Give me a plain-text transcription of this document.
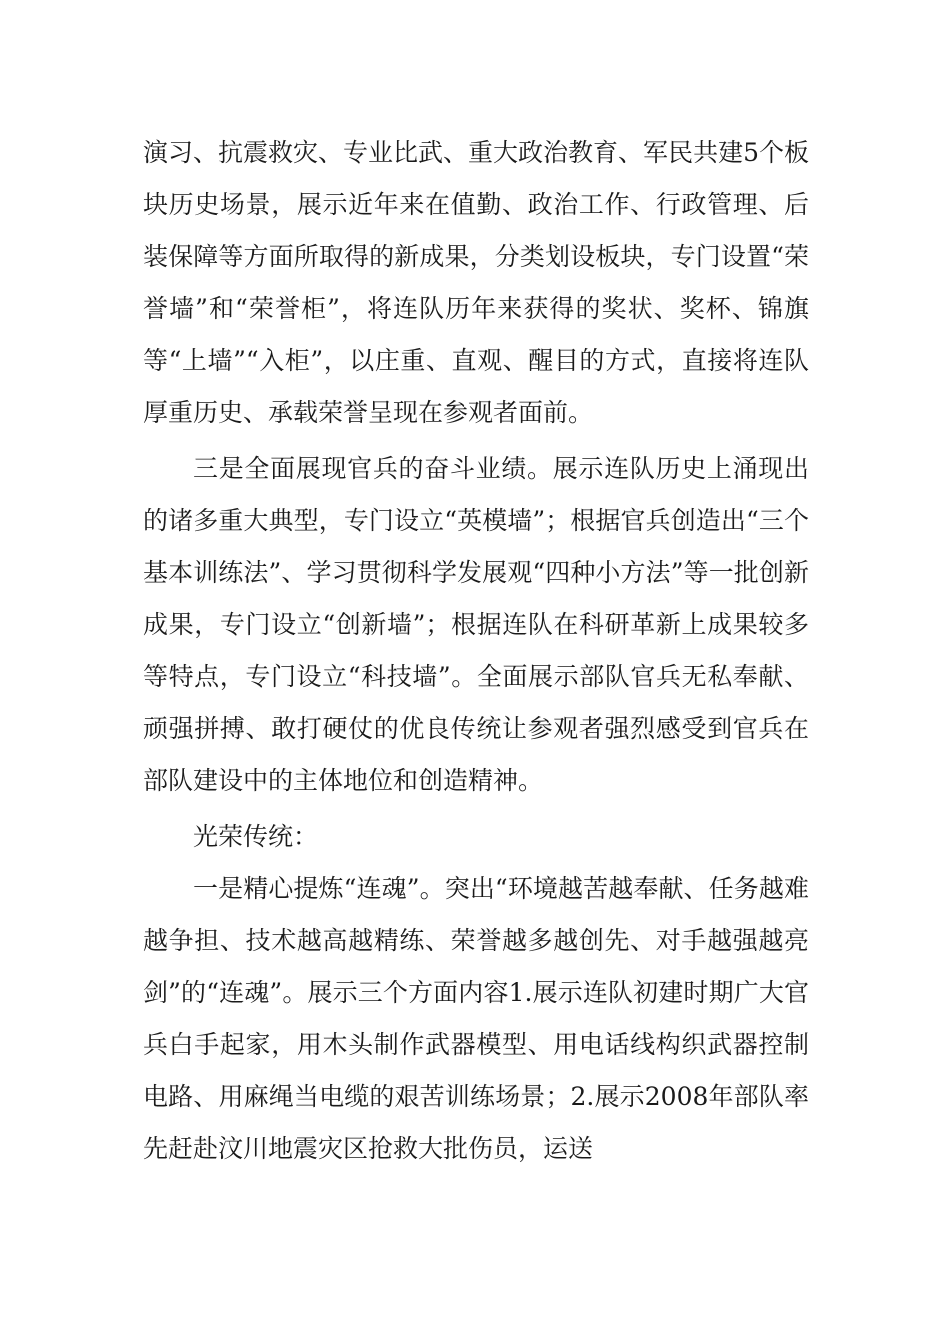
演习、抗震救灾、专业比武、重大政治教育、军民共建5个板块历史场景，展示近年来在值勤、政治工作、行政管理、后装保障等方面所取得的新成果，分类划设板块，专门设置“荣誉墙”和“荣誉柜”，将连队历年来获得的奖状、奖杯、锦旗等“上墙”“入柜”，以庄重、直观、醒目的方式，直接将连队厚重历史、承载荣誉呈现在参观者面前。

三是全面展现官兵的奋斗业绩。展示连队历史上涌现出的诸多重大典型，专门设立“英模墙”；根据官兵创造出“三个基本训练法”、学习贯彻科学发展观“四种小方法”等一批创新成果，专门设立“创新墙”；根据连队在科研革新上成果较多等特点，专门设立“科技墙”。全面展示部队官兵无私奉献、顽强拼搏、敢打硬仗的优良传统让参观者强烈感受到官兵在部队建设中的主体地位和创造精神。

光荣传统：

一是精心提炼“连魂”。突出“环境越苦越奉献、任务越难越争担、技术越高越精练、荣誉越多越创先、对手越强越亮剑”的“连魂”。展示三个方面内容1.展示连队初建时期广大官兵白手起家，用木头制作武器模型、用电话线构织武器控制电路、用麻绳当电缆的艰苦训练场景；2.展示2008年部队率先赶赴汶川地震灾区抢救大批伤员，运送
